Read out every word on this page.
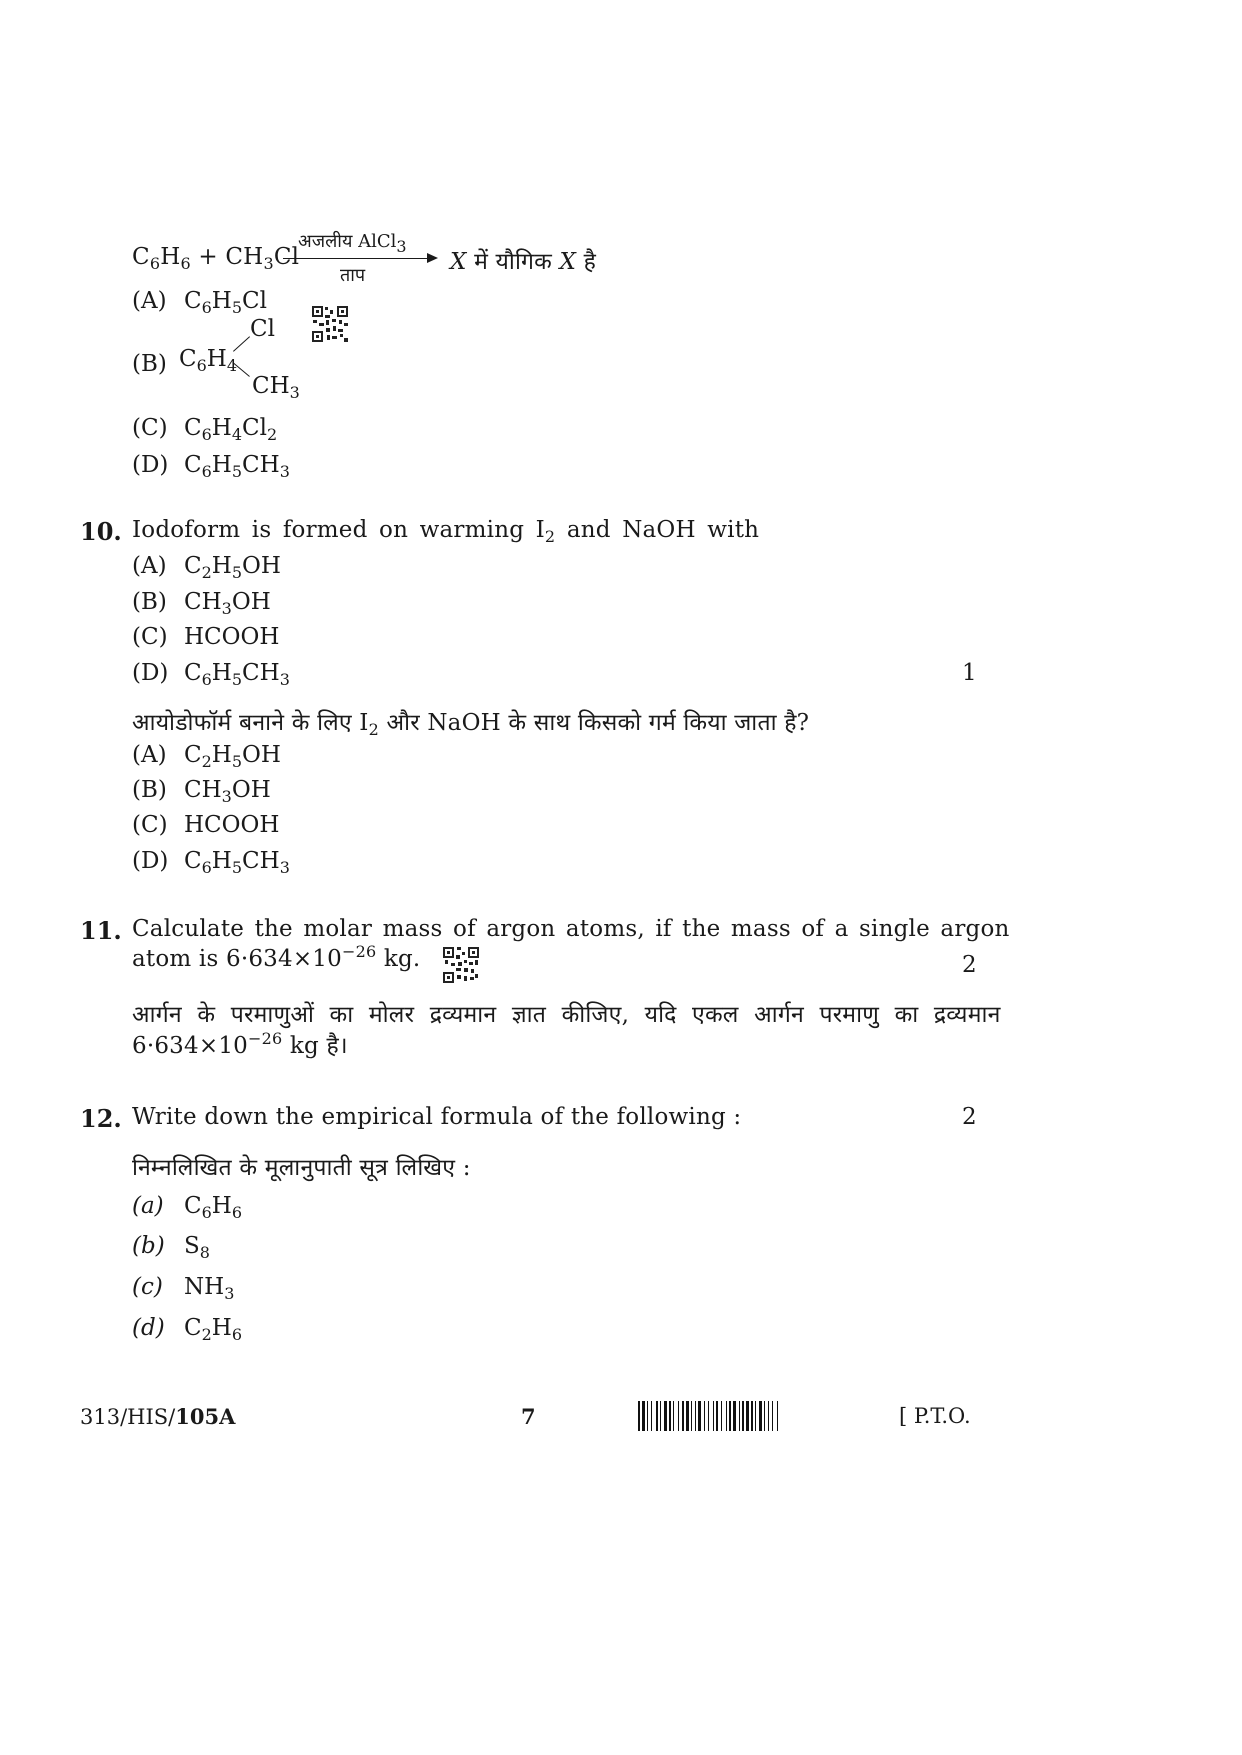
$C_6H_6 + CH_3Cl$
अजलीय AlCl$_3$
ताप
X में यौगिक X है
(A) $C_6H_5Cl$
(B) $C_6H_4$
Cl
$CH_3$
(C) $C_6H_4Cl_2$
(D) $C_6H_5CH_3$
10. Iodoform is formed on warming $I_2$ and NaOH with
(A) $C_2H_5OH$
(B) $CH_3OH$
(C) HCOOH
(D) $C_6H_5CH_3$	1
आयोडोफॉर्म बनाने के लिए $I_2$ और NaOH के साथ किसको गर्म किया जाता है?
(A) $C_2H_5OH$
(B) $CH_3OH$
(C) HCOOH
(D) $C_6H_5CH_3$
11. Calculate the molar mass of argon atoms, if the mass of a single argon
atom is $6\cdot 634\times 10^{-26}$ kg.	2
आर्गन के परमाणुओं का मोलर द्रव्यमान ज्ञात कीजिए, यदि एकल आर्गन परमाणु का द्रव्यमान
$6\cdot 634\times 10^{-26}$ kg है।
12. Write down the empirical formula of the following :	2
निम्नलिखित के मूलानुपाती सूत्र लिखिए :
(a) $C_6H_6$
(b) $S_8$
(c) $NH_3$
(d) $C_2H_6$
313/HIS/105A	7	[ P.T.O.
